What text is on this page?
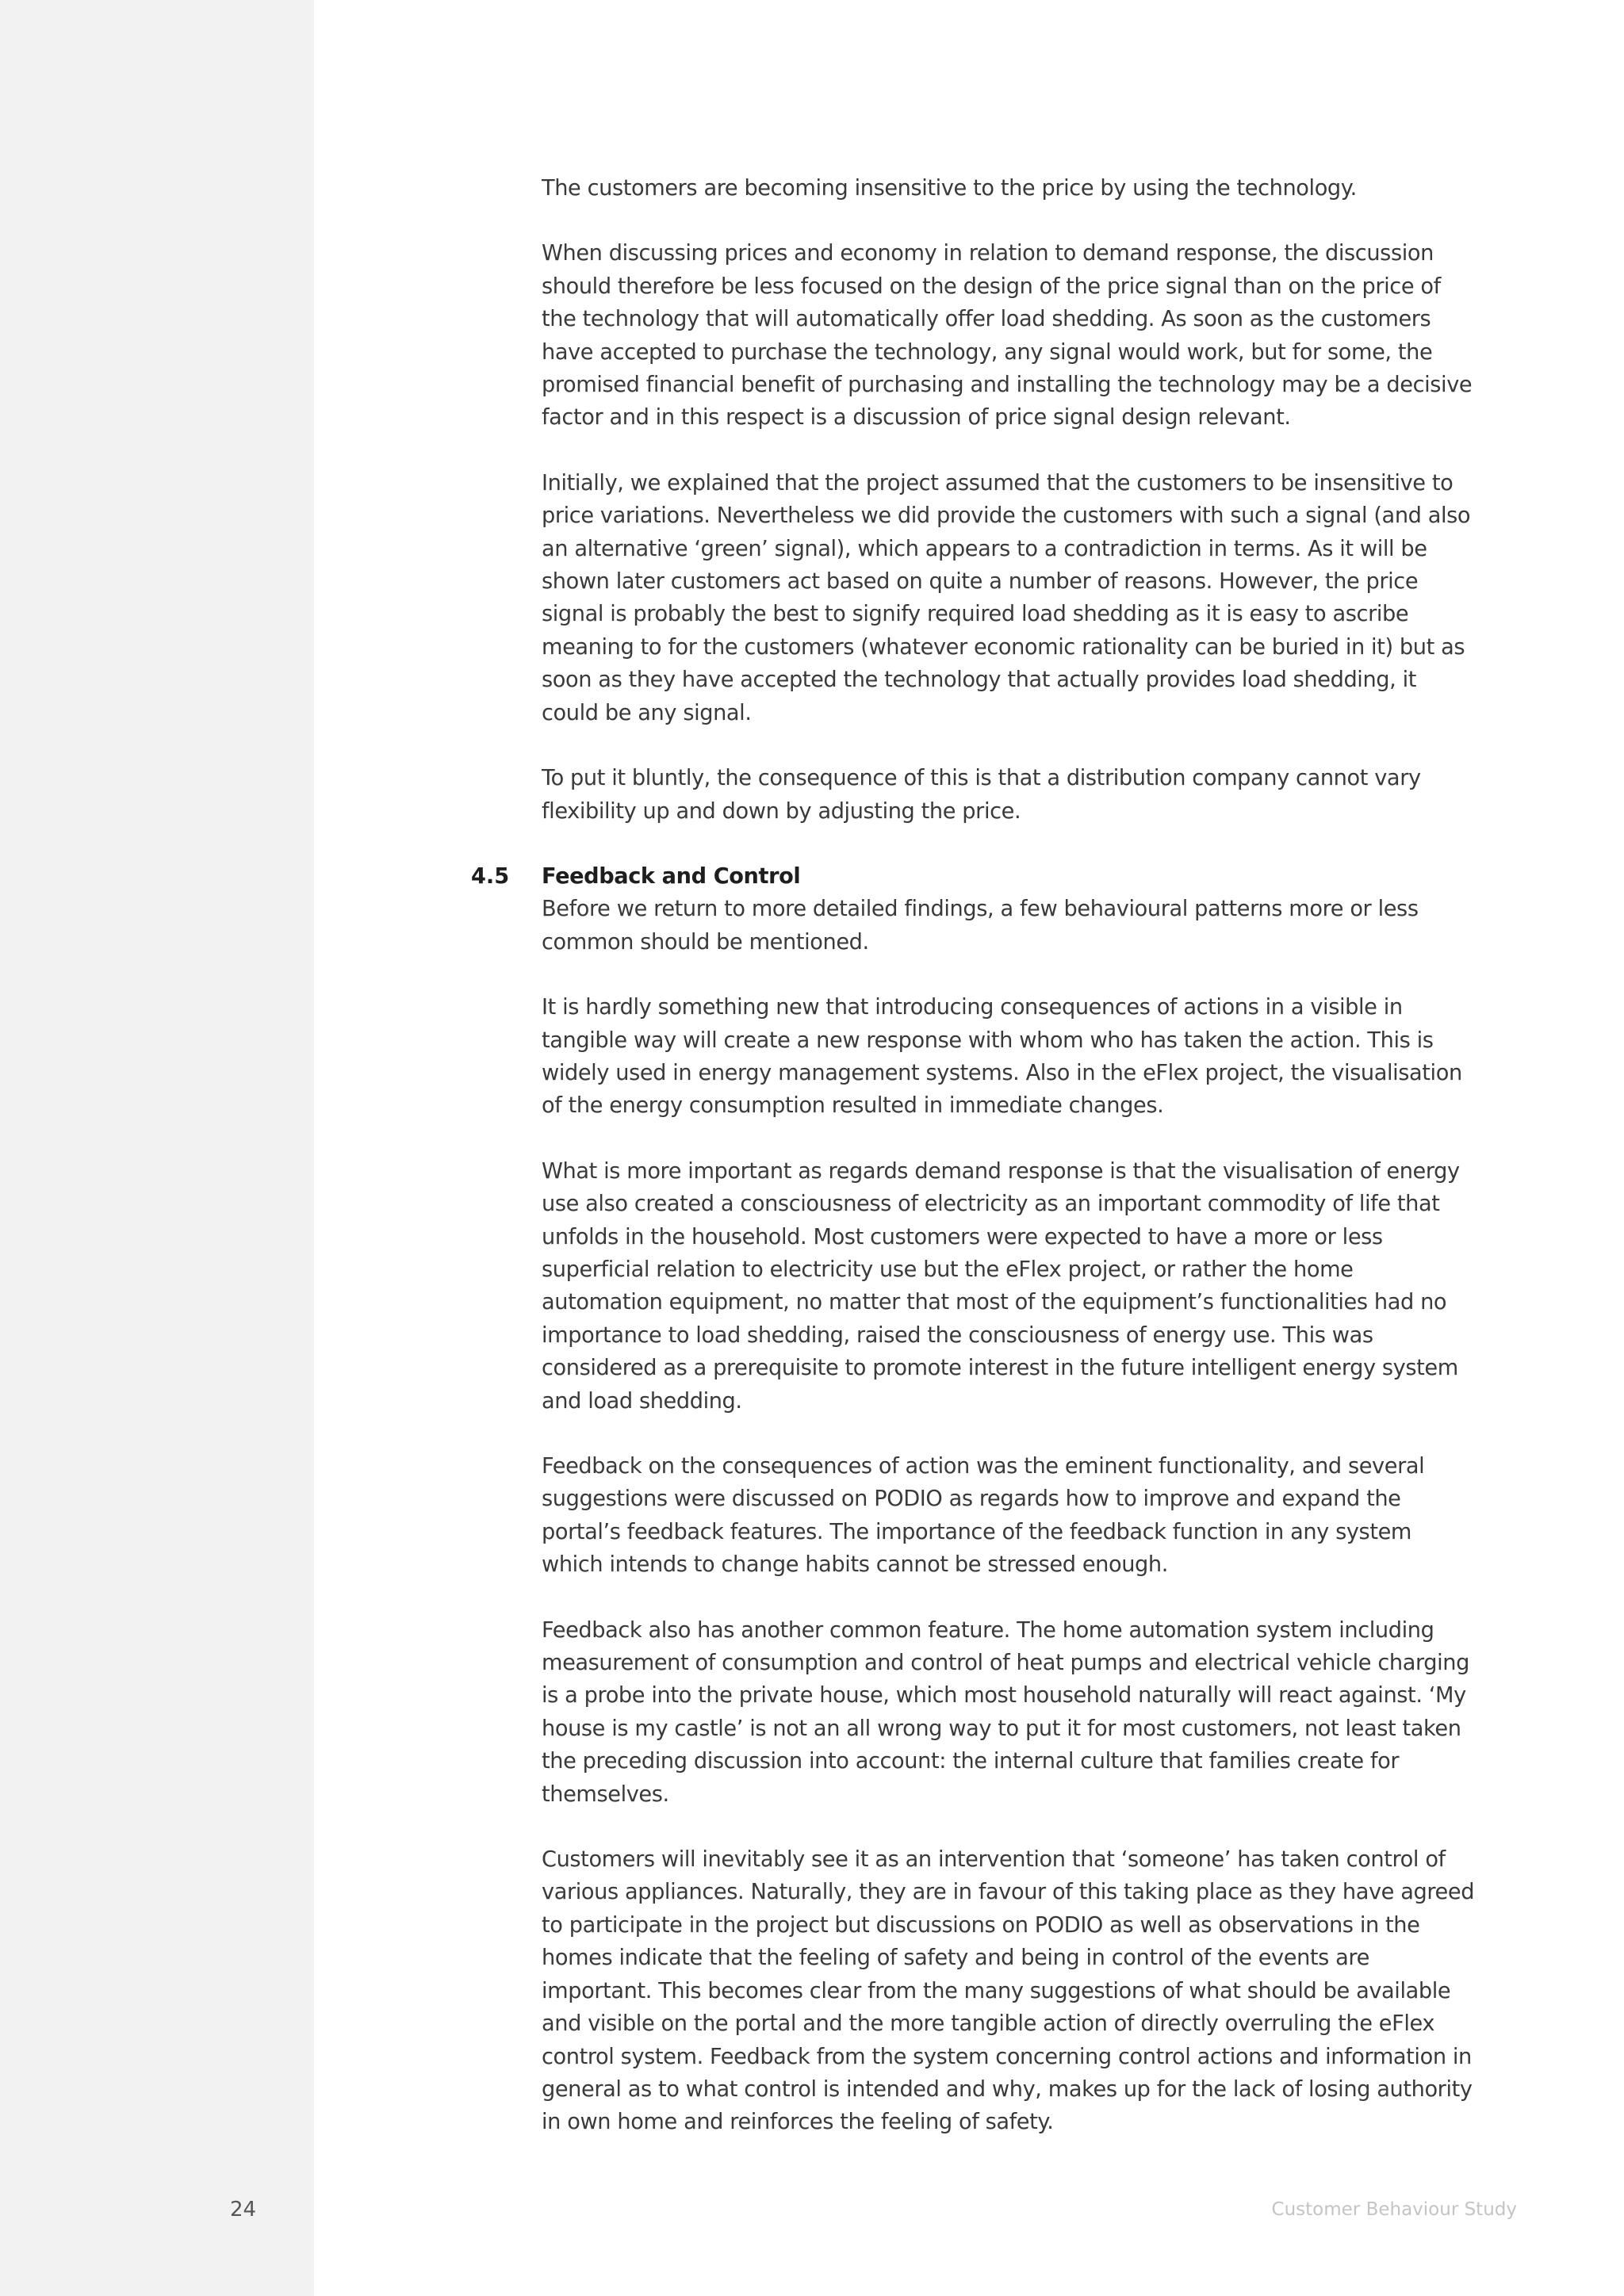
eFlex
24

The customers are becoming insensitive to the price by using the technology.

When discussing prices and economy in relation to demand response, the discussion should therefore be less focused on the design of the price signal than on the price of the technology that will automatically offer load shedding. As soon as the customers have accepted to purchase the technology, any signal would work, but for some, the promised financial benefit of purchasing and installing the technology may be a decisive factor and in this respect is a discussion of price signal design relevant.

Initially, we explained that the project assumed that the customers to be insensitive to price variations. Nevertheless we did provide the customers with such a signal (and also an alternative ‘green’ signal), which appears to a contradiction in terms. As it will be shown later customers act based on quite a number of reasons. However, the price signal is probably the best to signify required load shedding as it is easy to ascribe meaning to for the customers (whatever economic rationality can be buried in it) but as soon as they have accepted the technology that actually provides load shedding, it could be any signal.

To put it bluntly, the consequence of this is that a distribution company cannot vary flexibility up and down by adjusting the price.

4.5 Feedback and Control

Before we return to more detailed findings, a few behavioural patterns more or less common should be mentioned.

It is hardly something new that introducing consequences of actions in a visible in tangible way will create a new response with whom who has taken the action. This is widely used in energy management systems. Also in the eFlex project, the visualisation of the energy consumption resulted in immediate changes.

What is more important as regards demand response is that the visualisation of energy use also created a consciousness of electricity as an important commodity of life that unfolds in the household. Most customers were expected to have a more or less superficial relation to electricity use but the eFlex project, or rather the home automation equipment, no matter that most of the equipment’s functionalities had no importance to load shedding, raised the consciousness of energy use. This was considered as a prerequisite to promote interest in the future intelligent energy system and load shedding.

Feedback on the consequences of action was the eminent functionality, and several suggestions were discussed on PODIO as regards how to improve and expand the portal’s feedback features. The importance of the feedback function in any system which intends to change habits cannot be stressed enough.

Feedback also has another common feature. The home automation system including measurement of consumption and control of heat pumps and electrical vehicle charging is a probe into the private house, which most household naturally will react against. ‘My house is my castle’ is not an all wrong way to put it for most customers, not least taken the preceding discussion into account: the internal culture that families create for themselves.

Customers will inevitably see it as an intervention that ‘someone’ has taken control of various appliances. Naturally, they are in favour of this taking place as they have agreed to participate in the project but discussions on PODIO as well as observations in the homes indicate that the feeling of safety and being in control of the events are important. This becomes clear from the many suggestions of what should be available and visible on the portal and the more tangible action of directly overruling the eFlex control system. Feedback from the system concerning control actions and information in general as to what control is intended and why, makes up for the lack of losing authority in own home and reinforces the feeling of safety.

Customer Behaviour Study
